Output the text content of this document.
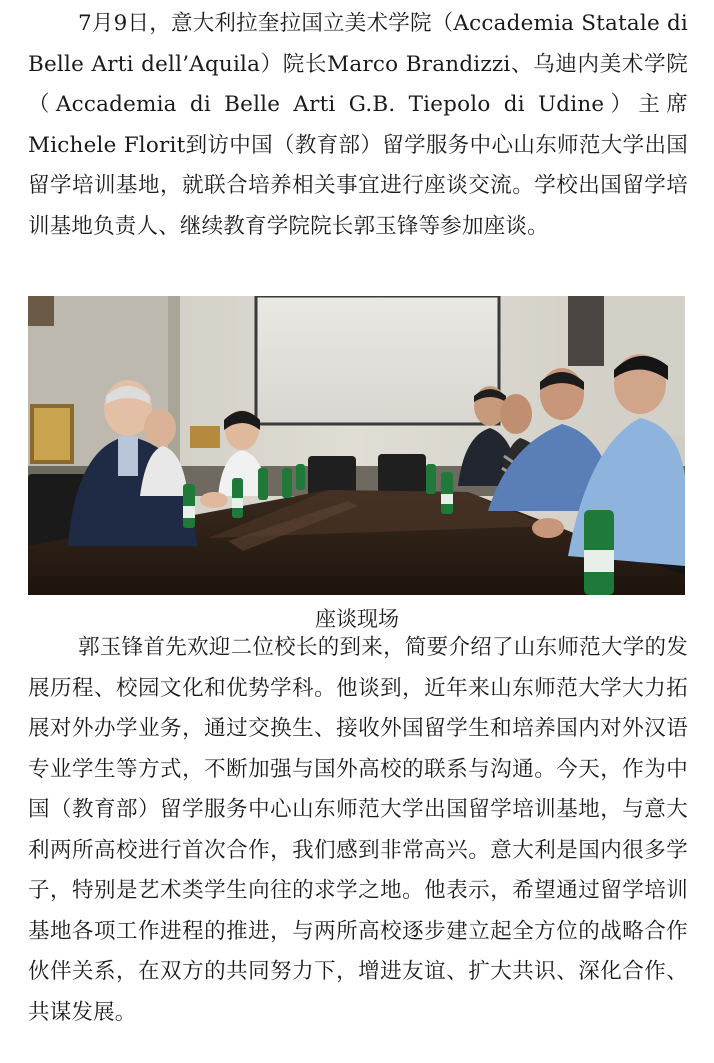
7月9日，意大利拉奎拉国立美术学院（Accademia Statale di Belle Arti dell’Aquila）院长Marco Brandizzi、乌迪内美术学院（Accademia di Belle Arti G.B. Tiepolo di Udine）主席Michele Florit到访中国（教育部）留学服务中心山东师范大学出国留学培训基地，就联合培养相关事宜进行座谈交流。学校出国留学培训基地负责人、继续教育学院院长郭玉锋等参加座谈。

座谈现场

郭玉锋首先欢迎二位校长的到来，简要介绍了山东师范大学的发展历程、校园文化和优势学科。他谈到，近年来山东师范大学大力拓展对外办学业务，通过交换生、接收外国留学生和培养国内对外汉语专业学生等方式，不断加强与国外高校的联系与沟通。今天，作为中国（教育部）留学服务中心山东师范大学出国留学培训基地，与意大利两所高校进行首次合作，我们感到非常高兴。意大利是国内很多学子，特别是艺术类学生向往的求学之地。他表示，希望通过留学培训基地各项工作进程的推进，与两所高校逐步建立起全方位的战略合作伙伴关系，在双方的共同努力下，增进友谊、扩大共识、深化合作、共谋发展。
